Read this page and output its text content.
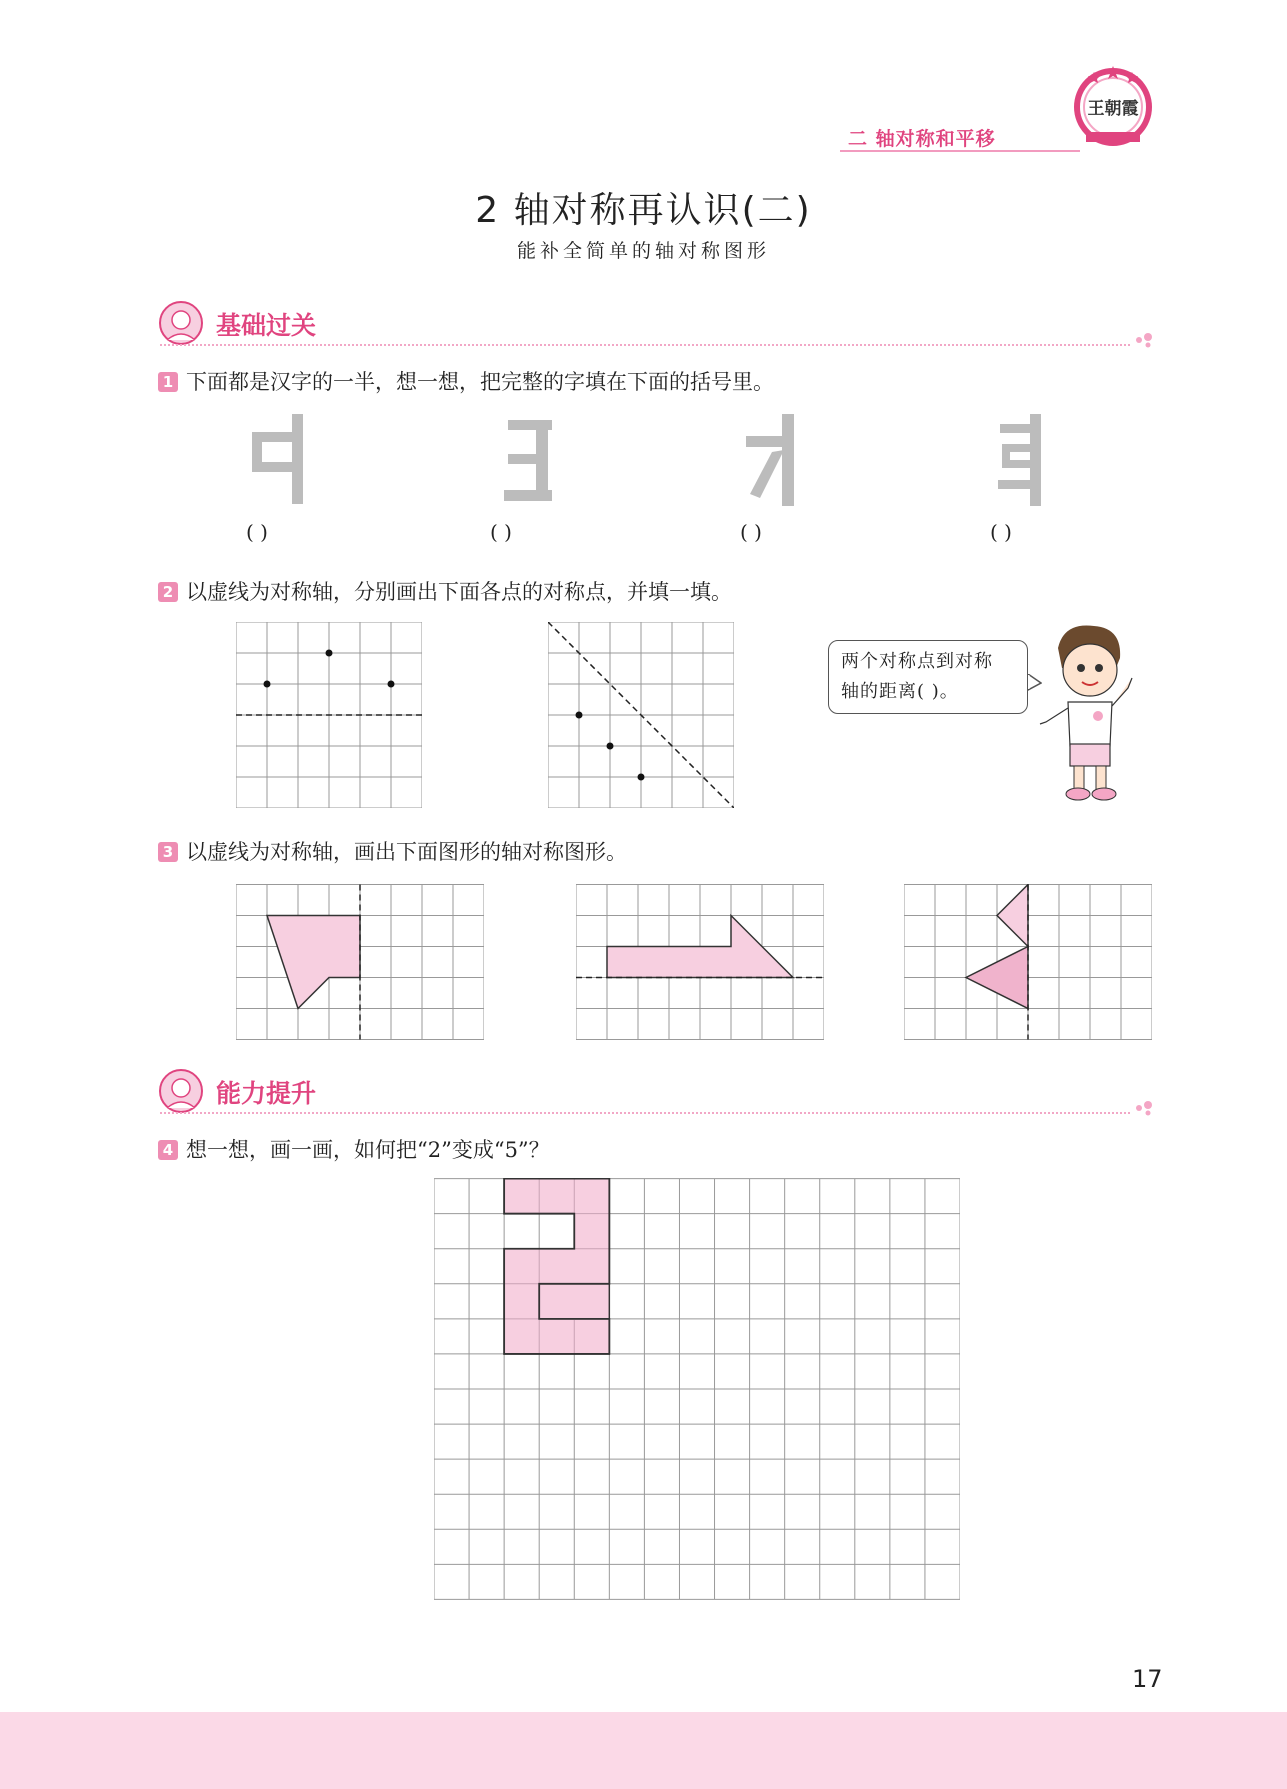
二 轴对称和平移
王朝霞
2 轴对称再认识(二)
能补全简单的轴对称图形
基础过关
1 下面都是汉字的一半，想一想，把完整的字填在下面的括号里。
( )	( )	( )	( )
2 以虚线为对称轴，分别画出下面各点的对称点，并填一填。
两个对称点到对称
轴的距离( )。
3 以虚线为对称轴，画出下面图形的轴对称图形。
能力提升
4 想一想，画一画，如何把“2”变成“5”？
17
